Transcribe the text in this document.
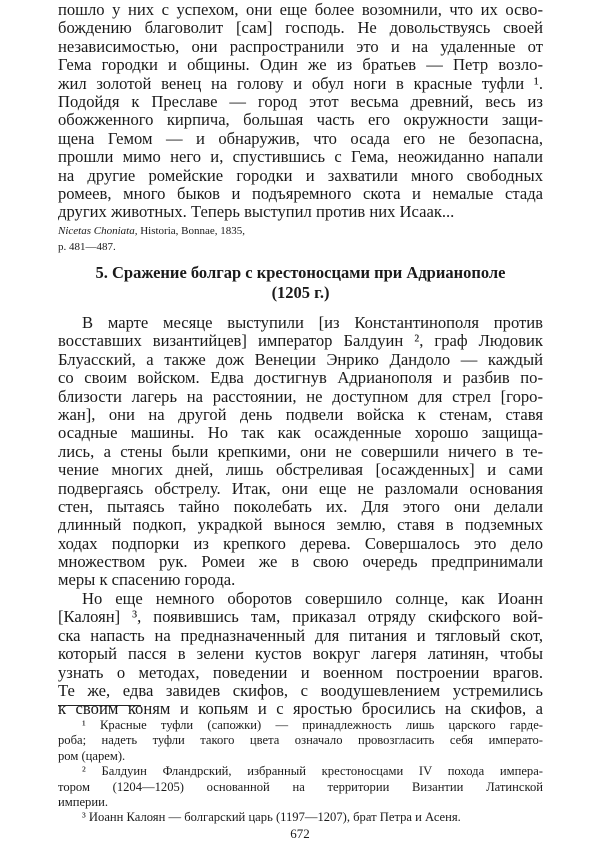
пошло у них с успехом, они еще более возомнили, что их осво-
бождению благоволит [сам] господь. Не довольствуясь своей
независимостью, они распространили это и на удаленные от
Гема городки и общины. Один же из братьев — Петр возло-
жил золотой венец на голову и обул ноги в красные туфли ¹.
Подойдя к Преславе — город этот весьма древний, весь из
обожженного кирпича, большая часть его окружности защи-
щена Гемом — и обнаружив, что осада его не безопасна,
прошли мимо него и, спустившись с Гема, неожиданно напали
на другие ромейские городки и захватили много свободных
ромеев, много быков и подъяремного скота и немалые стада
других животных. Теперь выступил против них Исаак...
В марте месяце выступили [из Константинополя против
восставших византийцев] император Балдуин ², граф Людовик
Блуасский, а также дож Венеции Энрико Дандоло — каждый
со своим войском. Едва достигнув Адрианополя и разбив по-
близости лагерь на расстоянии, не доступном для стрел [горо-
жан], они на другой день подвели войска к стенам, ставя
осадные машины. Но так как осажденные хорошо защища-
лись, а стены были крепкими, они не совершили ничего в те-
чение многих дней, лишь обстреливая [осажденных] и сами
подвергаясь обстрелу. Итак, они еще не разломали основания
стен, пытаясь тайно поколебать их. Для этого они делали
длинный подкоп, украдкой вынося землю, ставя в подземных
ходах подпорки из крепкого дерева. Совершалось это дело
множеством рук. Ромеи же в свою очередь предпринимали
меры к спасению города.
Но еще немного оборотов совершило солнце, как Иоанн
[Калоян] ³, появившись там, приказал отряду скифского вой-
ска напасть на предназначенный для питания и тягловый скот,
который пасся в зелени кустов вокруг лагеря латинян, чтобы
узнать о методах, поведении и военном построении врагов.
Те же, едва завидев скифов, с воодушевлением устремились
к своим коням и копьям и с яростью бросились на скифов, а
Nicetas Choniata, Historia, Bonnae, 1835,
p. 481—487.
5. Сражение болгар с крестоносцами при Адрианополе
(1205 г.)
¹ Красные туфли (сапожки) — принадлежность лишь царского гарде-
роба; надеть туфли такого цвета означало провозгласить себя императо-
ром (царем).
² Балдуин Фландрский, избранный крестоносцами IV похода импера-
тором (1204—1205) основанной на территории Византии Латинской
империи.
³ Иоанн Калоян — болгарский царь (1197—1207), брат Петра и Асеня.
672
